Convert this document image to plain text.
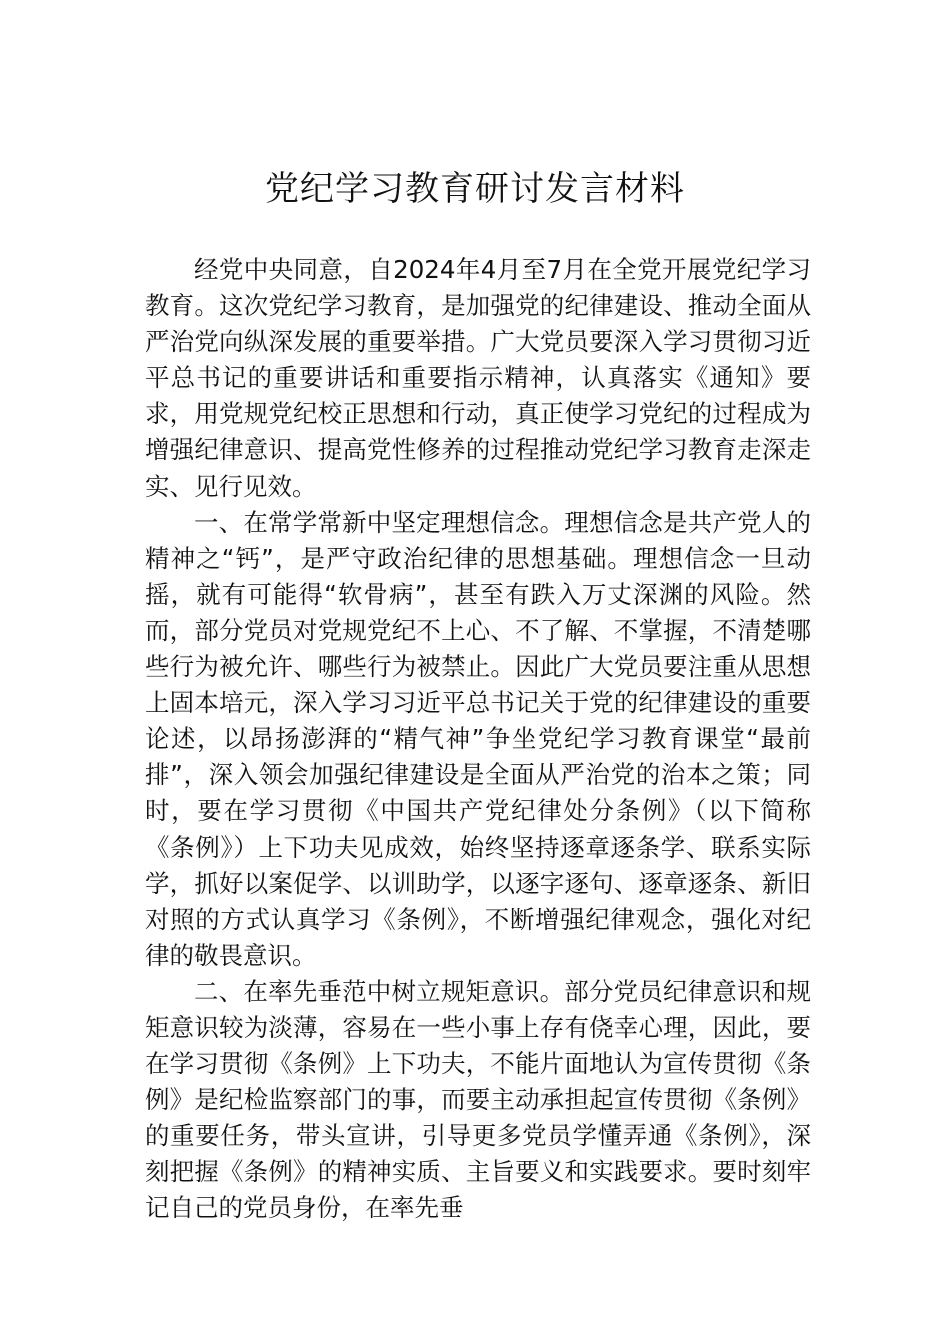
党纪学习教育研讨发言材料

经党中央同意，自2024年4月至7月在全党开展党纪学习教育。这次党纪学习教育，是加强党的纪律建设、推动全面从严治党向纵深发展的重要举措。广大党员要深入学习贯彻习近平总书记的重要讲话和重要指示精神，认真落实《通知》要求，用党规党纪校正思想和行动，真正使学习党纪的过程成为增强纪律意识、提高党性修养的过程推动党纪学习教育走深走实、见行见效。

一、在常学常新中坚定理想信念。理想信念是共产党人的精神之“钙”，是严守政治纪律的思想基础。理想信念一旦动摇，就有可能得“软骨病”，甚至有跌入万丈深渊的风险。然而，部分党员对党规党纪不上心、不了解、不掌握，不清楚哪些行为被允许、哪些行为被禁止。因此广大党员要注重从思想上固本培元，深入学习习近平总书记关于党的纪律建设的重要论述，以昂扬澎湃的“精气神”争坐党纪学习教育课堂“最前排”，深入领会加强纪律建设是全面从严治党的治本之策；同时，要在学习贯彻《中国共产党纪律处分条例》（以下简称《条例》）上下功夫见成效，始终坚持逐章逐条学、联系实际学，抓好以案促学、以训助学，以逐字逐句、逐章逐条、新旧对照的方式认真学习《条例》，不断增强纪律观念，强化对纪律的敬畏意识。

二、在率先垂范中树立规矩意识。部分党员纪律意识和规矩意识较为淡薄，容易在一些小事上存有侥幸心理，因此，要在学习贯彻《条例》上下功夫，不能片面地认为宣传贯彻《条例》是纪检监察部门的事，而要主动承担起宣传贯彻《条例》的重要任务，带头宣讲，引导更多党员学懂弄通《条例》，深刻把握《条例》的精神实质、主旨要义和实践要求。要时刻牢记自己的党员身份，在率先垂
